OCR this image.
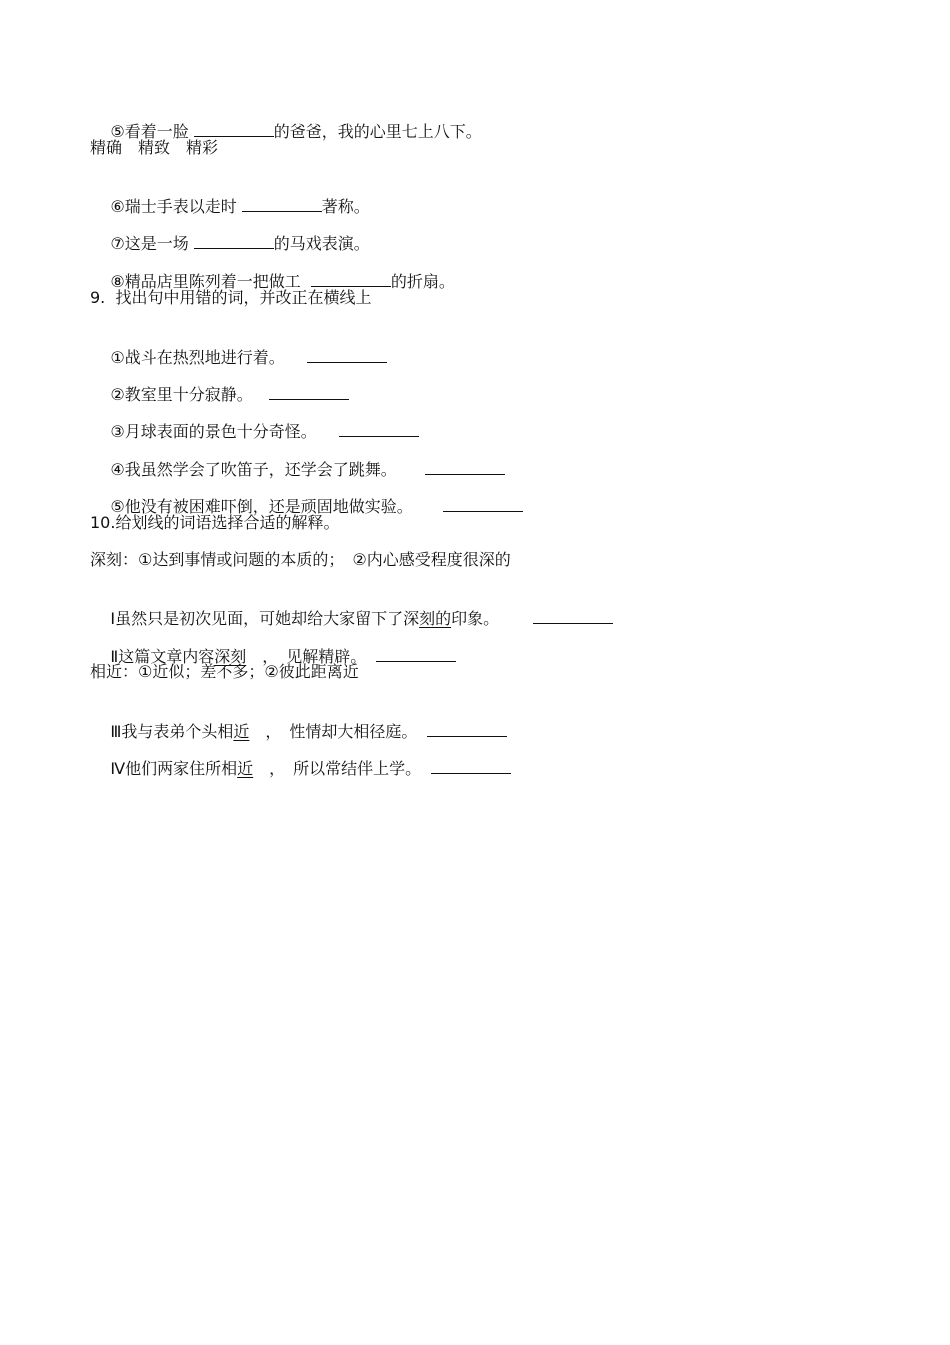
⑤看着一脸	的爸爸，我的心里七上八下。

精确　精致　精彩

⑥瑞士手表以走时	著称。

⑦这是一场	的马戏表演。

⑧精品店里陈列着一把做工	的折扇。

9.  找出句中用错的词，并改正在横线上

①战斗在热烈地进行着。

②教室里十分寂静。

③月球表面的景色十分奇怪。

④我虽然学会了吹笛子，还学会了跳舞。

⑤他没有被困难吓倒，还是顽固地做实验。

10.给划线的词语选择合适的解释。
深刻：①达到事情或问题的本质的；　②内心感受程度很深的

Ⅰ虽然只是初次见面，可她却给大家留下了深刻的印象。

Ⅱ这篇文章内容深刻　，　见解精辟。

相近：①近似；差不多；②彼此距离近

Ⅲ我与表弟个头相近　，　性情却大相径庭。

Ⅳ他们两家住所相近　，　所以常结伴上学。
